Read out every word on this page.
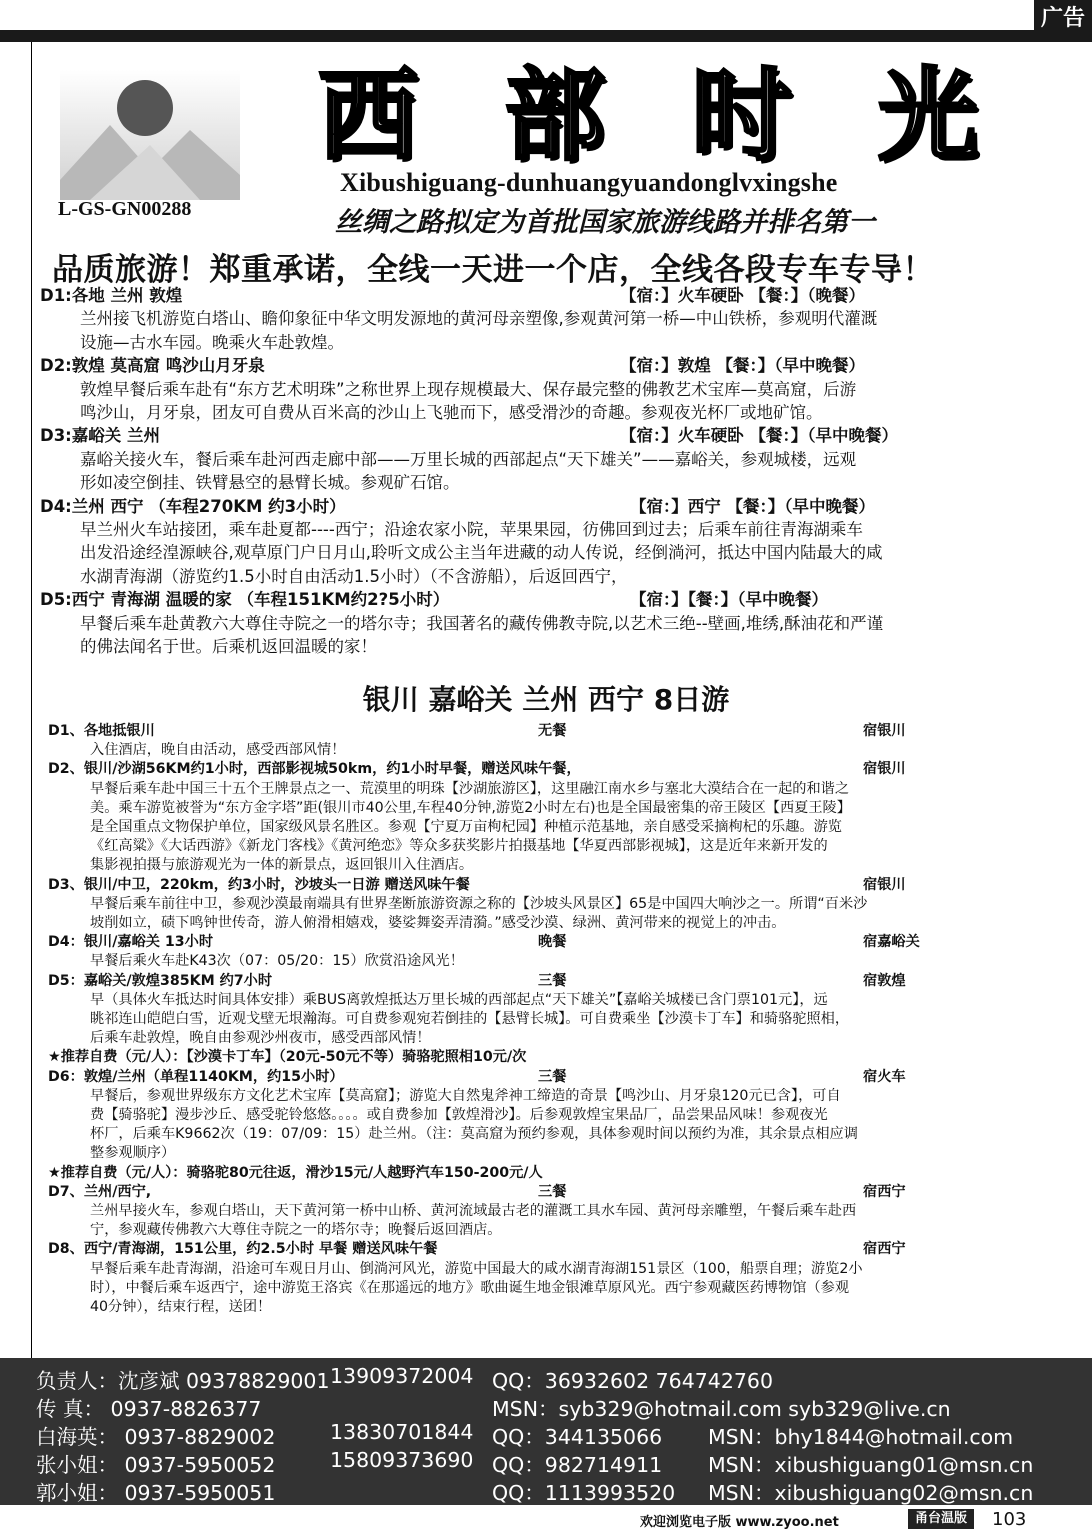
广告
西 部 时 光
Xibushiguang-dunhuangyuandonglvxingshe
L-GS-GN00288	丝绸之路拟定为首批国家旅游线路并排名第一
品质旅游！郑重承诺，全线一天进一个店，全线各段专车专导！
D1:各地 兰州 敦煌	【宿：】火车硬卧 【餐：】（晚餐）
兰州接飞机游览白塔山、瞻仰象征中华文明发源地的黄河母亲塑像,参观黄河第一桥—中山铁桥，参观明代灌溉
设施—古水车园。晚乘火车赴敦煌。
D2:敦煌 莫高窟 鸣沙山月牙泉	【宿：】敦煌 【餐：】（早中晚餐）
敦煌早餐后乘车赴有“东方艺术明珠”之称世界上现存规模最大、保存最完整的佛教艺术宝库—莫高窟，后游
鸣沙山，月牙泉，团友可自费从百米高的沙山上飞驰而下，感受滑沙的奇趣。参观夜光杯厂或地矿馆。
D3:嘉峪关 兰州	【宿：】火车硬卧 【餐：】（早中晚餐）
嘉峪关接火车，餐后乘车赴河西走廊中部——万里长城的西部起点“天下雄关”——嘉峪关，参观城楼，远观
形如凌空倒挂、铁臂悬空的悬臂长城。参观矿石馆。
D4:兰州 西宁 （车程270KM 约3小时）	【宿：】西宁 【餐：】（早中晚餐）
早兰州火车站接团，乘车赴夏都----西宁；沿途农家小院，苹果果园，彷佛回到过去；后乘车前往青海湖乘车
出发沿途经湟源峡谷,观草原门户日月山,聆听文成公主当年进藏的动人传说，经倒淌河，抵达中国内陆最大的咸
水湖青海湖（游览约1.5小时自由活动1.5小时）（不含游船），后返回西宁，
D5:西宁 青海湖 温暖的家 （车程151KM约2?5小时）	【宿：】【餐：】（早中晚餐）
早餐后乘车赴黄教六大尊住寺院之一的塔尔寺；我国著名的藏传佛教寺院,以艺术三绝--壁画,堆绣,酥油花和严谨
的佛法闻名于世。后乘机返回温暖的家！
银川 嘉峪关 兰州 西宁 8日游
D1、各地抵银川	无餐	宿银川
入住酒店，晚自由活动，感受西部风情！
D2、银川/沙湖56KM约1小时，西部影视城50km，约1小时早餐，赠送风味午餐，	宿银川
早餐后乘车赴中国三十五个王牌景点之一、荒漠里的明珠【沙湖旅游区】，这里融江南水乡与塞北大漠结合在一起的和谐之
美。乘车游览被誉为“东方金字塔”距(银川市40公里,车程40分钟,游览2小时左右)也是全国最密集的帝王陵区【西夏王陵】
是全国重点文物保护单位，国家级风景名胜区。参观【宁夏万亩枸杞园】种植示范基地，亲自感受采摘枸杞的乐趣。游览
《红高粱》《大话西游》《新龙门客栈》《黄河绝恋》等众多获奖影片拍摄基地【华夏西部影视城】，这是近年来新开发的
集影视拍摄与旅游观光为一体的新景点，返回银川入住酒店。
D3、银川/中卫，220km，约3小时，沙坡头一日游 赠送风味午餐	宿银川
早餐后乘车前往中卫，参观沙漠最南端具有世界垄断旅游资源之称的【沙坡头风景区】65是中国四大响沙之一。所谓“百米沙
坡削如立，碛下鸣钟世传奇，游人俯滑相嬉戏，婆娑舞姿弄清漪。”感受沙漠、绿洲、黄河带来的视觉上的冲击。
D4：银川/嘉峪关 13小时	晚餐	宿嘉峪关
早餐后乘火车赴K43次（07：05/20：15）欣赏沿途风光！
D5：嘉峪关/敦煌385KM 约7小时	三餐	宿敦煌
早（具体火车抵达时间具体安排）乘BUS离敦煌抵达万里长城的西部起点“天下雄关”【嘉峪关城楼已含门票101元】，远
眺祁连山皑皑白雪，近观戈壁无垠瀚海。可自费参观宛若倒挂的【悬臂长城】。可自费乘坐【沙漠卡丁车】和骑骆驼照相，
后乘车赴敦煌，晚自由参观沙州夜市，感受西部风情！
★推荐自费（元/人）：【沙漠卡丁车】（20元-50元不等）骑骆驼照相10元/次
D6：敦煌/兰州（单程1140KM，约15小时）	三餐	宿火车
早餐后，参观世界级东方文化艺术宝库【莫高窟】；游览大自然鬼斧神工缔造的奇景【鸣沙山、月牙泉120元已含】，可自
费【骑骆驼】漫步沙丘、感受驼铃悠悠。。。。或自费参加【敦煌滑沙】。后参观敦煌宝果品厂，品尝果品风味！参观夜光
杯厂，后乘车K9662次（19：07/09：15）赴兰州。（注：莫高窟为预约参观，具体参观时间以预约为准，其余景点相应调
整参观顺序）
★推荐自费（元/人）：骑骆驼80元往返，滑沙15元/人越野汽车150-200元/人
D7、兰州/西宁,	三餐	宿西宁
兰州早接火车，参观白塔山，天下黄河第一桥中山桥、黄河流域最古老的灌溉工具水车园、黄河母亲雕塑，午餐后乘车赴西
宁，参观藏传佛教六大尊住寺院之一的塔尔寺；晚餐后返回酒店。
D8、西宁/青海湖，151公里，约2.5小时 早餐 赠送风味午餐	宿西宁
早餐后乘车赴青海湖，沿途可车观日月山、倒淌河风光，游览中国最大的咸水湖青海湖151景区（100，船票自理；游览2小
时），中餐后乘车返西宁，途中游览王洛宾《在那遥远的地方》歌曲诞生地金银滩草原风光。西宁参观藏医药博物馆（参观
40分钟），结束行程，送团！
负责人：沈彦斌 09378829001 13909372004 QQ：36932602 764742760
传 真： 0937-8826377	MSN：syb329@hotmail.com syb329@live.cn
白海英： 0937-8829002	13830701844 QQ：344135066 MSN：bhy1844@hotmail.com
张小姐： 0937-5950052	15809373690 QQ：982714911 MSN：xibushiguang01@msn.cn
郭小姐： 0937-5950051	QQ：1113993520 MSN：xibushiguang02@msn.cn
欢迎浏览电子版 www.zyoo.net	甬台温版	103
